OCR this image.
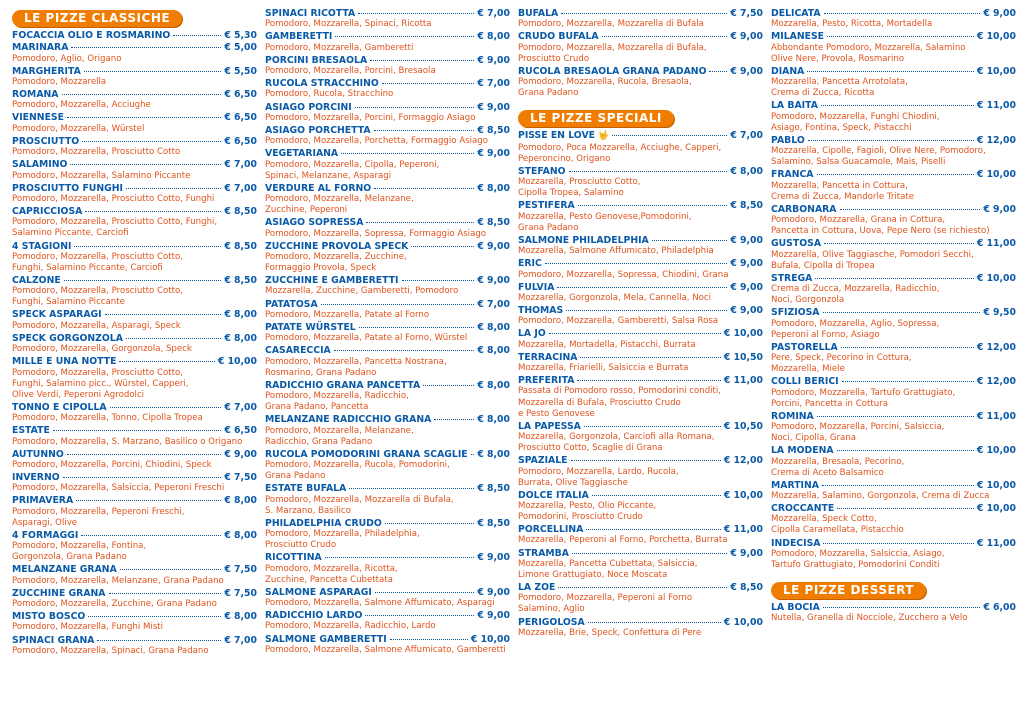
LE PIZZE CLASSICHE
FOCACCIA OLIO E ROSMARINO	€ 5,30
MARINARA	€ 5,00
Pomodoro, Aglio, Origano
MARGHERITA	€ 5,50
Pomodoro, Mozzarella
ROMANA	€ 6,50
Pomodoro, Mozzarella, Acciughe
VIENNESE	€ 6,50
Pomodoro, Mozzarella, Würstel
PROSCIUTTO	€ 6,50
Pomodoro, Mozzarella, Prosciutto Cotto
SALAMINO	€ 7,00
Pomodoro, Mozzarella, Salamino Piccante
PROSCIUTTO FUNGHI	€ 7,00
Pomodoro, Mozzarella, Prosciutto Cotto, Funghi
CAPRICCIOSA	€ 8,50
Pomodoro, Mozzarella, Prosciutto Cotto, Funghi,
Salamino Piccante, Carciofi
4 STAGIONI	€ 8,50
Pomodoro, Mozzarella, Prosciutto Cotto,
Funghi, Salamino Piccante, Carciofi
CALZONE	€ 8,50
Pomodoro, Mozzarella, Prosciutto Cotto,
Funghi, Salamino Piccante
SPECK ASPARAGI	€ 8,00
Pomodoro, Mozzarella, Asparagi, Speck
SPECK GORGONZOLA	€ 8,00
Pomodoro, Mozzarella, Gorgonzola, Speck
MILLE E UNA NOTTE	€ 10,00
Pomodoro, Mozzarella, Prosciutto Cotto,
Funghi, Salamino picc., Würstel, Capperi,
Olive Verdi, Peperoni Agrodolci
TONNO E CIPOLLA	€ 7,00
Pomodoro, Mozzarella, Tonno, Cipolla Tropea
ESTATE	€ 6,50
Pomodoro, Mozzarella, S. Marzano, Basilico o Origano
AUTUNNO	€ 9,00
Pomodoro, Mozzarella, Porcini, Chiodini, Speck
INVERNO	€ 7,50
Pomodoro, Mozzarella, Salsiccia, Peperoni Freschi
PRIMAVERA	€ 8,00
Pomodoro, Mozzarella, Peperoni Freschi,
Asparagi, Olive
4 FORMAGGI	€ 8,00
Pomodoro, Mozzarella, Fontina,
Gorgonzola, Grana Padano
MELANZANE GRANA	€ 7,50
Pomodoro, Mozzarella, Melanzane, Grana Padano
ZUCCHINE GRANA	€ 7,50
Pomodoro, Mozzarella, Zucchine, Grana Padano
MISTO BOSCO	€ 8,00
Pomodoro, Mozzarella, Funghi Misti
SPINACI GRANA	€ 7,00
Pomodoro, Mozzarella, Spinaci, Grana Padano
SPINACI RICOTTA	€ 7,00
Pomodoro, Mozzarella, Spinaci, Ricotta
GAMBERETTI	€ 8,00
Pomodoro, Mozzarella, Gamberetti
PORCINI BRESAOLA	€ 9,00
Pomodoro, Mozzarella, Porcini, Bresaola
RUCOLA STRACCHINO	€ 7,00
Pomodoro, Rucola, Stracchino
ASIAGO PORCINI	€ 9,00
Pomodoro, Mozzarella, Porcini, Formaggio Asiago
ASIAGO PORCHETTA	€ 8,50
Pomodoro, Mozzarella, Porchetta, Formaggio Asiago
VEGETARIANA	€ 9,00
Pomodoro, Mozzarella, Cipolla, Peperoni,
Spinaci, Melanzane, Asparagi
VERDURE AL FORNO	€ 8,00
Pomodoro, Mozzarella, Melanzane,
Zucchine, Peperoni
ASIAGO SOPRESSA	€ 8,50
Pomodoro, Mozzarella, Sopressa, Formaggio Asiago
ZUCCHINE PROVOLA SPECK	€ 9,00
Pomodoro, Mozzarella, Zucchine,
Formaggio Provola, Speck
ZUCCHINE E GAMBERETTI	€ 9,00
Mozzarella, Zucchine, Gamberetti, Pomodoro
PATATOSA	€ 7,00
Pomodoro, Mozzarella, Patate al Forno
PATATE WÜRSTEL	€ 8,00
Pomodoro, Mozzarella, Patate al Forno, Würstel
CASARECCIA	€ 8,00
Pomodoro, Mozzarella, Pancetta Nostrana,
Rosmarino, Grana Padano
RADICCHIO GRANA PANCETTA	€ 8,00
Pomodoro, Mozzarella, Radicchio,
Grana Padano, Pancetta
MELANZANE RADICCHIO GRANA	€ 8,00
Pomodoro, Mozzarella, Melanzane,
Radicchio, Grana Padano
RUCOLA POMODORINI GRANA SCAGLIE € 8,00
Pomodoro, Mozzarella, Rucola, Pomodorini,
Grana Padano
ESTATE BUFALA	€ 8,50
Pomodoro, Mozzarella, Mozzarella di Bufala,
S. Marzano, Basilico
PHILADELPHIA CRUDO	€ 8,50
Pomodoro, Mozzarella, Philadelphia,
Prosciutto Crudo
RICOTTINA	€ 9,00
Pomodoro, Mozzarella, Ricotta,
Zucchine, Pancetta Cubettata
SALMONE ASPARAGI	€ 9,00
Pomodoro, Mozzarella, Salmone Affumicato, Asparagi
RADICCHIO LARDO	€ 9,00
Pomodoro, Mozzarella, Radicchio, Lardo
SALMONE GAMBERETTI	€ 10,00
Pomodoro, Mozzarella, Salmone Affumicato, Gamberetti
BUFALA	€ 7,50
Pomodoro, Mozzarella, Mozzarella di Bufala
CRUDO BUFALA	€ 9,00
Pomodoro, Mozzarella, Mozzarella di Bufala,
Prosciutto Crudo
RUCOLA BRESAOLA GRANA PADANO	€ 9,00
Pomodoro, Mozzarella, Rucola, Bresaola,
Grana Padano
LE PIZZE SPECIALI
PISSE EN LOVE 🤟	€ 7,00
Pomodoro, Poca Mozzarella, Acciughe, Capperi,
Peperoncino, Origano
STEFANO	€ 8,00
Mozzarella, Prosciutto Cotto,
Cipolla Tropea, Salamino
PESTIFERA	€ 8,50
Mozzarella, Pesto Genovese,Pomodorini,
Grana Padano
SALMONE PHILADELPHIA	€ 9,00
Mozzarella, Salmone Affumicato, Philadelphia
ERIC	€ 9,00
Pomodoro, Mozzarella, Sopressa, Chiodini, Grana
FULVIA	€ 9,00
Mozzarella, Gorgonzola, Mela, Cannella, Noci
THOMAS	€ 9,00
Pomodoro, Mozzarella, Gamberetti, Salsa Rosa
LA JO	€ 10,00
Mozzarella, Mortadella, Pistacchi, Burrata
TERRACINA	€ 10,50
Mozzarella, Friarielli, Salsiccia e Burrata
PREFERITA	€ 11,00
Passata di Pomodoro rosso, Pomodorini conditi,
Mozzarella di Bufala, Prosciutto Crudo
e Pesto Genovese
LA PAPESSA	€ 10,50
Mozzarella, Gorgonzola, Carciofi alla Romana,
Prosciutto Cotto, Scaglie di Grana
SPAZIALE	€ 12,00
Pomodoro, Mozzarella, Lardo, Rucola,
Burrata, Olive Taggiasche
DOLCE ITALIA	€ 10,00
Mozzarella, Pesto, Olio Piccante,
Pomodorini, Prosciutto Crudo
PORCELLINA	€ 11,00
Mozzarella, Peperoni al Forno, Porchetta, Burrata
STRAMBA	€ 9,00
Mozzarella, Pancetta Cubettata, Salsiccia,
Limone Grattugiato, Noce Moscata
LA ZOE	€ 8,50
Pomodoro, Mozzarella, Peperoni al Forno
Salamino, Aglio
PERIGOLOSA	€ 10,00
Mozzarella, Brie, Speck, Confettura di Pere
DELICATA	€ 9,00
Mozzarella, Pesto, Ricotta, Mortadella
MILANESE	€ 10,00
Abbondante Pomodoro, Mozzarella, Salamino
Olive Nere, Provola, Rosmarino
DIANA	€ 10,00
Mozzarella, Pancetta Arrotolata,
Crema di Zucca, Ricotta
LA BAITA	€ 11,00
Pomodoro, Mozzarella, Funghi Chiodini,
Asiago, Fontina, Speck, Pistacchi
PABLO	€ 12,00
Mozzarella, Cipolle, Fagioli, Olive Nere, Pomodoro,
Salamino, Salsa Guacamole, Mais, Piselli
FRANCA	€ 10,00
Mozzarella, Pancetta in Cottura,
Crema di Zucca, Mandorle Tritate
CARBONARA	€ 9,00
Pomodoro, Mozzarella, Grana in Cottura,
Pancetta in Cottura, Uova, Pepe Nero (se richiesto)
GUSTOSA	€ 11,00
Mozzarella, Olive Taggiasche, Pomodori Secchi,
Bufala, Cipolla di Tropea
STREGA	€ 10,00
Crema di Zucca, Mozzarella, Radicchio,
Noci, Gorgonzola
SFIZIOSA	€ 9,50
Pomodoro, Mozzarella, Aglio, Sopressa,
Peperoni al Forno, Asiago
PASTORELLA	€ 12,00
Pere, Speck, Pecorino in Cottura,
Mozzarella, Miele
COLLI BERICI	€ 12,00
Pomodoro, Mozzarella, Tartufo Grattugiato,
Porcini, Pancetta in Cottura
ROMINA	€ 11,00
Pomodoro, Mozzarella, Porcini, Salsiccia,
Noci, Cipolla, Grana
LA MODENA	€ 10,00
Mozzarella, Bresaola, Pecorino,
Crema di Aceto Balsamico
MARTINA	€ 10,00
Mozzarella, Salamino, Gorgonzola, Crema di Zucca
CROCCANTE	€ 10,00
Mozzarella, Speck Cotto,
Cipolla Caramellata, Pistacchio
INDECISA	€ 11,00
Pomodoro, Mozzarella, Salsiccia, Asiago,
Tartufo Grattugiato, Pomodorini Conditi
LE PIZZE DESSERT
LA BOCIA	€ 6,00
Nutella, Granella di Nocciole, Zucchero a Velo
